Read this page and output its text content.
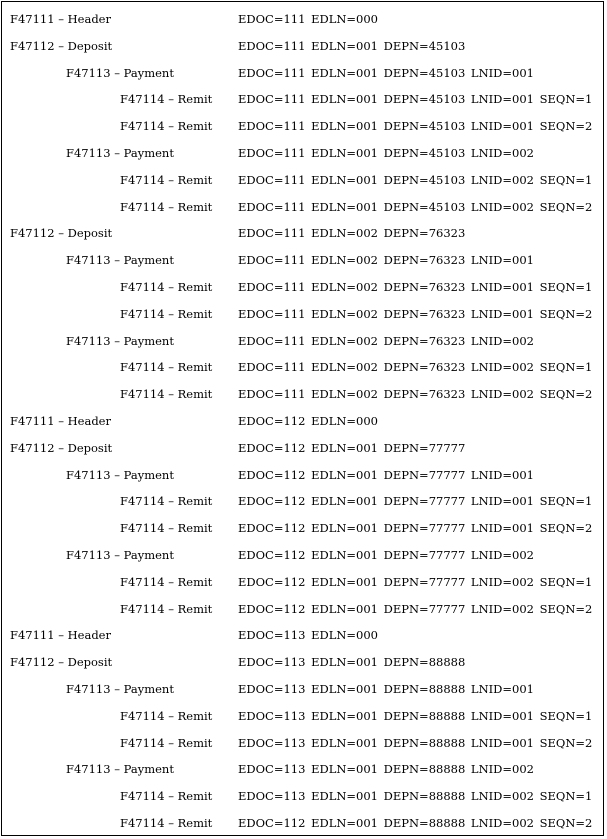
F47111 – Header	EDOC=111 EDLN=000
F47112 – Deposit	EDOC=111 EDLN=001 DEPN=45103
F47113 – Payment	EDOC=111 EDLN=001 DEPN=45103 LNID=001
F47114 – Remit EDOC=111 EDLN=001 DEPN=45103 LNID=001 SEQN=1
F47114 – Remit EDOC=111 EDLN=001 DEPN=45103 LNID=001 SEQN=2
F47113 – Payment	EDOC=111 EDLN=001 DEPN=45103 LNID=002
F47114 – Remit EDOC=111 EDLN=001 DEPN=45103 LNID=002 SEQN=1
F47114 – Remit EDOC=111 EDLN=001 DEPN=45103 LNID=002 SEQN=2
F47112 – Deposit	EDOC=111 EDLN=002 DEPN=76323
F47113 – Payment	EDOC=111 EDLN=002 DEPN=76323 LNID=001
F47114 – Remit EDOC=111 EDLN=002 DEPN=76323 LNID=001 SEQN=1
F47114 – Remit EDOC=111 EDLN=002 DEPN=76323 LNID=001 SEQN=2
F47113 – Payment	EDOC=111 EDLN=002 DEPN=76323 LNID=002
F47114 – Remit EDOC=111 EDLN=002 DEPN=76323 LNID=002 SEQN=1
F47114 – Remit EDOC=111 EDLN=002 DEPN=76323 LNID=002 SEQN=2
F47111 – Header	EDOC=112 EDLN=000
F47112 – Deposit	EDOC=112 EDLN=001 DEPN=77777
F47113 – Payment	EDOC=112 EDLN=001 DEPN=77777 LNID=001
F47114 – Remit EDOC=112 EDLN=001 DEPN=77777 LNID=001 SEQN=1
F47114 – Remit EDOC=112 EDLN=001 DEPN=77777 LNID=001 SEQN=2
F47113 – Payment	EDOC=112 EDLN=001 DEPN=77777 LNID=002
F47114 – Remit EDOC=112 EDLN=001 DEPN=77777 LNID=002 SEQN=1
F47114 – Remit EDOC=112 EDLN=001 DEPN=77777 LNID=002 SEQN=2
F47111 – Header	EDOC=113 EDLN=000
F47112 – Deposit	EDOC=113 EDLN=001 DEPN=88888
F47113 – Payment	EDOC=113 EDLN=001 DEPN=88888 LNID=001
F47114 – Remit EDOC=113 EDLN=001 DEPN=88888 LNID=001 SEQN=1
F47114 – Remit EDOC=113 EDLN=001 DEPN=88888 LNID=001 SEQN=2
F47113 – Payment	EDOC=113 EDLN=001 DEPN=88888 LNID=002
F47114 – Remit EDOC=113 EDLN=001 DEPN=88888 LNID=002 SEQN=1
F47114 – Remit EDOC=112 EDLN=001 DEPN=88888 LNID=002 SEQN=2
